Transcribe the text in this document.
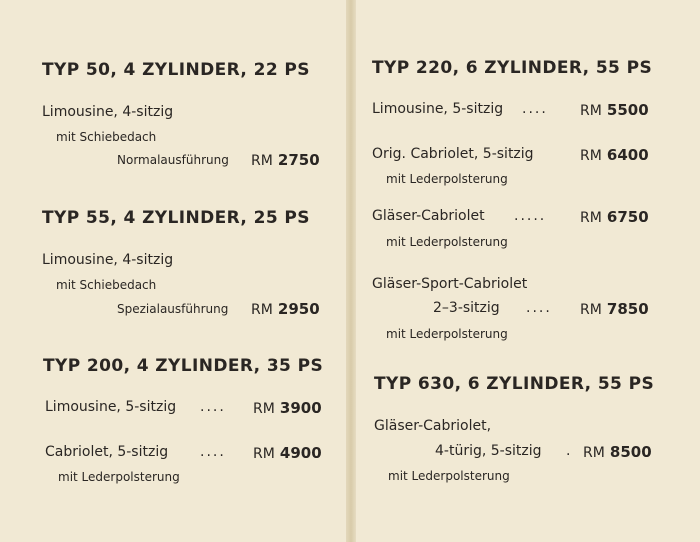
TYP 50, 4 ZYLINDER, 22 PS
Limousine, 4-sitzig
mit Schiebedach
Normalausführung RM 2750
TYP 55, 4 ZYLINDER, 25 PS
Limousine, 4-sitzig
mit Schiebedach
Spezialausführung RM 2950
TYP 200, 4 ZYLINDER, 35 PS
Limousine, 5-sitzig .... RM 3900
Cabriolet, 5-sitzig .... RM 4900
mit Lederpolsterung
TYP 220, 6 ZYLINDER, 55 PS
Limousine, 5-sitzig .... RM 5500
Orig. Cabriolet, 5-sitzig	RM 6400
mit Lederpolsterung
Gläser-Cabriolet ..... RM 6750
mit Lederpolsterung
Gläser-Sport-Cabriolet
2–3-sitzig .... RM 7850
mit Lederpolsterung
TYP 630, 6 ZYLINDER, 55 PS
Gläser-Cabriolet,
4-türig, 5-sitzig . RM 8500
mit Lederpolsterung
